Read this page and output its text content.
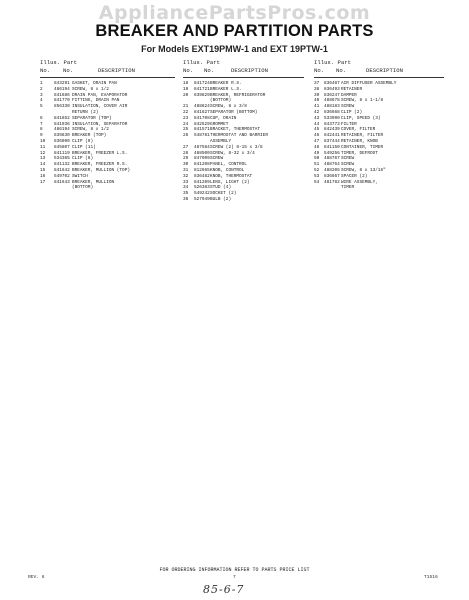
AppliancePartsPros.com
BREAKER AND PARTITION PARTS
For Models EXT19PMW-1 and EXT 19PTW-1
Illus. Part
No. No.	DESCRIPTION
1	843291 GASKET, DRAIN PAN
2	486194 SCREW, 8 x 1/2
3	841686 DRAIN PAN, EVAPORATOR
4	841770 FITTING, DRAIN PAN
5	856330 INSULATION, COVER AIR
RETURN (2)
6	841652 SEPARATOR (TOP)
7	841936 INSULATION, SEPARATOR
8	486194 SCREW, 8 x 1/2
9	839830 BREAKER (TOP)
10 836090 CLIP (9)
11 845807 CLIP (11)
12 841119 BREAKER, FREEZER L.S.
13 534365 CLIP (8)
14 841132 BREAKER, FREEZER R.S.
15 841642 BREAKER, MULLION (TOP)
16 549702 SWITCH
17 841643 BREAKER, MULLION
(BOTTOM)
Illus. Part
No. No.	DESCRIPTION
18 841724 BREAKER R.S.
19 841721 BREAKER L.S.
20 839829 BREAKER, REFRIGERATOR
(BOTTOM)
21 488624 SCREW, 8 x 3/8
22 841627 SEPARATOR (BOTTOM)
23 841708 CUP, DRAIN
24 842529 GROMMET
25 841571 BRACKET, THERMOSTAT
26 548781 THERMOSTAT AND BARRIER
ASSEMBLY
27 487584 SCREW (2) 8-15 x 3/8
28 488500 SCREW, 8-32 x 3/4
29 847909 SCREW
30 841208 PANEL, CONTROL
31 812665 KNOB, CONTROL
32 836482 KNOB, THERMOSTAT
33 841209 LENS, LIGHT (2)
34 526383 STUD (4)
35 549242 SOCKET (2)
36 527949 BULB (2)
Illus. Part
No. No.	DESCRIPTION
37 836487 AIR DIFFUSER ASSEMBLY
38 836493 RETAINER
39 836247 DAMPER
40 488678 SCREW, 8 x 1-1/8
41 488183 SCREW
42 836668 CLIP (2)
43 533990 CLIP, SPEED (3)
44 843773 FILTER
45 842439 COVER, FILTER
46 842441 RETAINER, FILTER
47 837444 RETAINER, KNOB
48 841150 CONTAINER, TIMER
49 549256 TIMER, DEFROST
50 488767 SCREW
51 488764 SCREW
52 488206 SCREW, 8 x 13/16"
53 836667 SPACER (2)
54 481782 WIRE ASSEMBLY,
TIMER
FOR ORDERING INFORMATION REFER TO PARTS PRICE LIST
REV. 6	7	T1516
85-6-7
